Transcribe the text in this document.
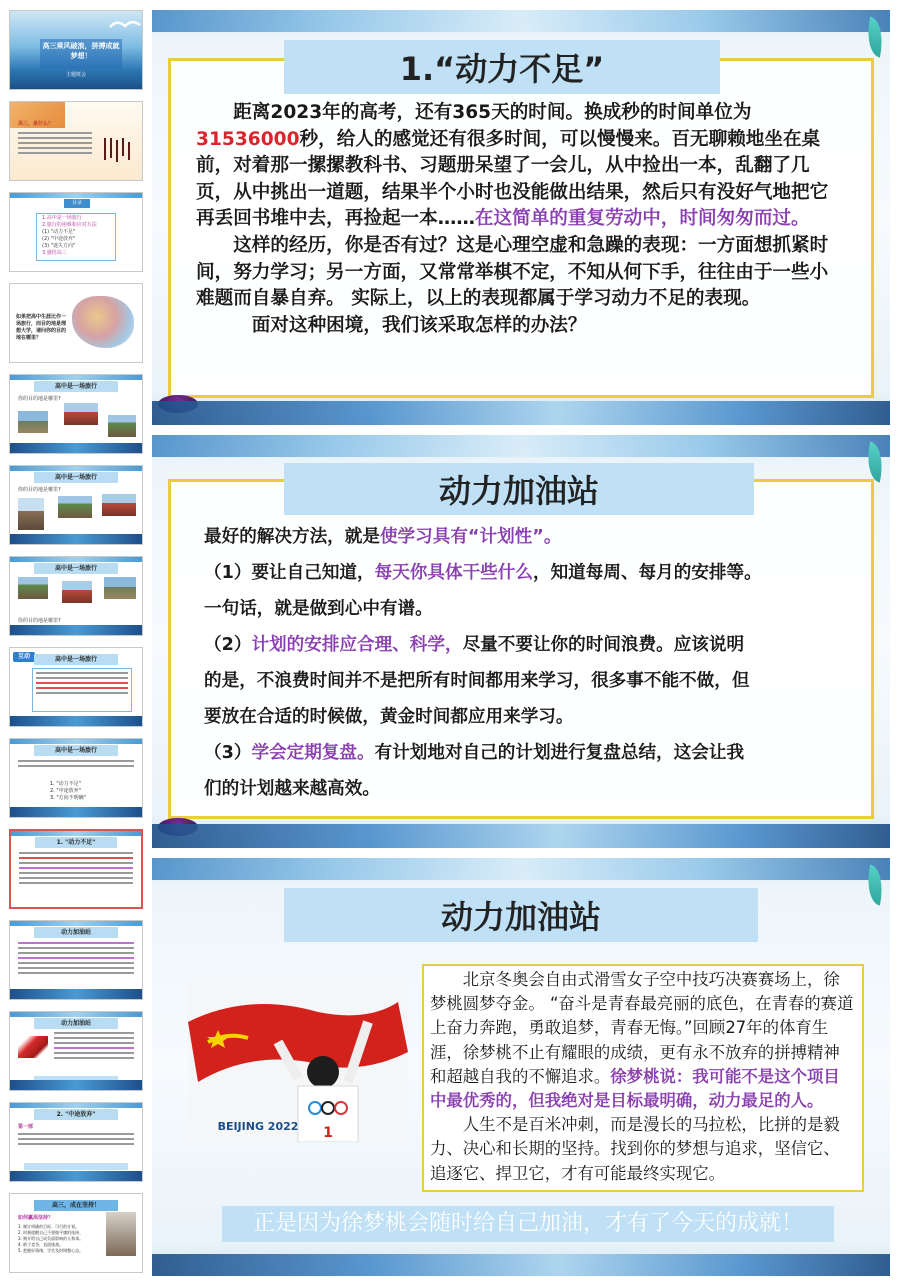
高三乘风破浪，拼搏成就梦想！
主题班会
高三，是什么？
目录
1.高中是一场旅行
2.旅行的困难和应对方法
(1) "动力不足"
(2) "中途放弃"
(3) "迷失方向"
3.感悟高三
如果把高中生涯比作一场旅行，而目的地是理想大学，请问你的目的地在哪里？
高中是一场旅行
你的目的地是哪里?
高中是一场旅行
你的目的地是哪里?
高中是一场旅行
你的目的地是哪里?
互动	高中是一场旅行
高中是一场旅行
1. "动力不足"
2. "中途放弃"
3. "方向不明确"
1. "动力不足"
动力加油站
动力加油站
2. "中途放弃"
第一部
高三，成在坚持！
如何赢高坚持？
1. 制订明确的目标，可行的计划。
2. 时刻提醒自己不要做平庸的选择。
3. 拥开给自己成负面影响的人和事。
4. 敢于竞争，直面挑战。
5. 把握好情绪，学会及时调整心态。
1.“动力不足”

距离2023年的高考，还有365天的时间。换成秒的时间单位为31536000秒，给人的感觉还有很多时间，可以慢慢来。百无聊赖地坐在桌前，对着那一摞摞教科书、习题册呆望了一会儿，从中捡出一本，乱翻了几页，从中挑出一道题，结果半个小时也没能做出结果，然后只有没好气地把它再丢回书堆中去，再捡起一本……在这简单的重复劳动中，时间匆匆而过。

这样的经历，你是否有过？这是心理空虚和急躁的表现：一方面想抓紧时间，努力学习；另一方面，又常常举棋不定，不知从何下手，往往由于一些小难题而自暴自弃。 实际上，以上的表现都属于学习动力不足的表现。

面对这种困境，我们该采取怎样的办法？

动力加油站

最好的解决方法，就是使学习具有“计划性”。

（1）要让自己知道，每天你具体干些什么，知道每周、每月的安排等。

一句话，就是做到心中有谱。

（2）计划的安排应合理、科学，尽量不要让你的时间浪费。应该说明

的是，不浪费时间并不是把所有时间都用来学习，很多事不能不做，但

要放在合适的时候做，黄金时间都应用来学习。

（3）学会定期复盘。有计划地对自己的计划进行复盘总结，这会让我

们的计划越来越高效。

动力加油站
1
BEIJING 2022

北京冬奥会自由式滑雪女子空中技巧决赛赛场上，徐梦桃圆梦夺金。 “奋斗是青春最亮丽的底色，在青春的赛道上奋力奔跑，勇敢追梦，青春无悔。”回顾27年的体育生涯，徐梦桃不止有耀眼的成绩，更有永不放弃的拼搏精神和超越自我的不懈追求。徐梦桃说：我可能不是这个项目中最优秀的，但我绝对是目标最明确，动力最足的人。

人生不是百米冲刺，而是漫长的马拉松，比拼的是毅力、决心和长期的坚持。找到你的梦想与追求，坚信它、追逐它、捍卫它，才有可能最终实现它。

正是因为徐梦桃会随时给自己加油，才有了今天的成就！
